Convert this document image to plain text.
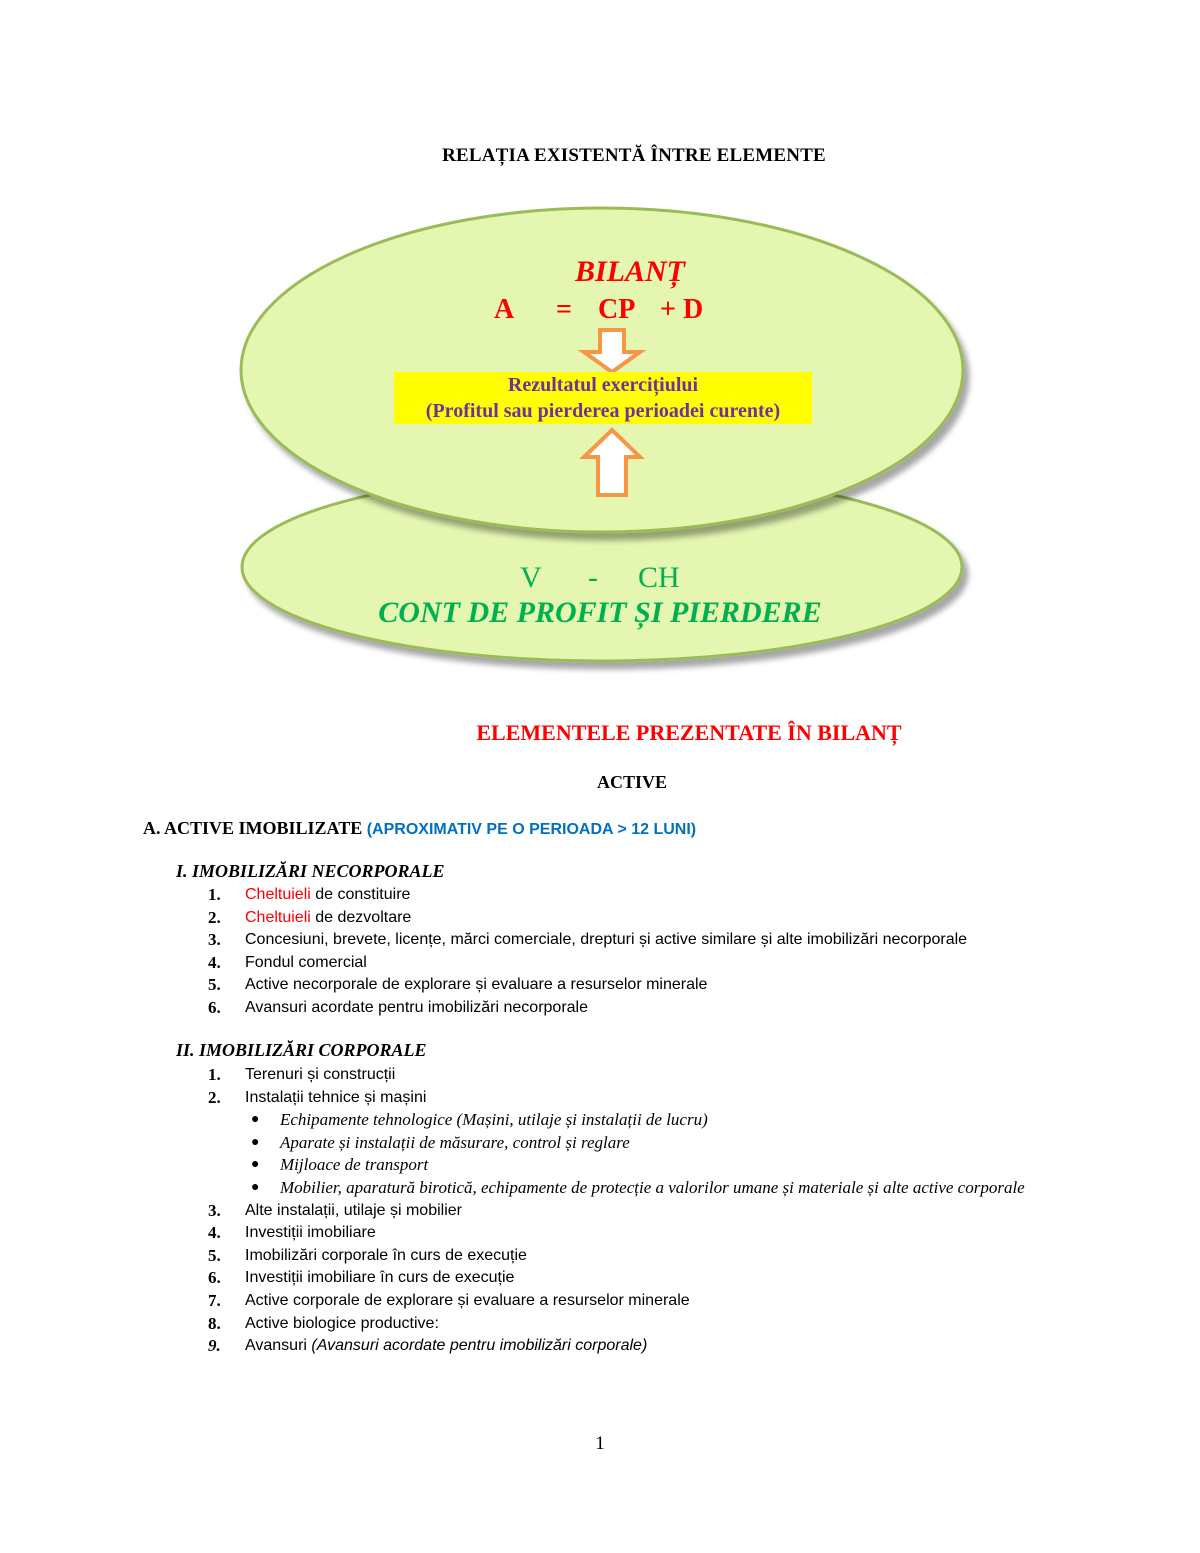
RELAȚIA EXISTENTĂ ÎNTRE ELEMENTE
BILANȚ
A = CP + D
Rezultatul exercițiului
(Profitul sau pierderea perioadei curente)
V - CH
CONT DE PROFIT ȘI PIERDERE
ELEMENTELE PREZENTATE ÎN BILANȚ
ACTIVE
A. ACTIVE IMOBILIZATE (APROXIMATIV PE O PERIOADA > 12 LUNI)
I. IMOBILIZĂRI NECORPORALE
1. Cheltuieli de constituire
2. Cheltuieli de dezvoltare
3. Concesiuni, brevete, licențe, mărci comerciale, drepturi și active similare și alte imobilizări necorporale
4. Fondul comercial
5. Active necorporale de explorare și evaluare a resurselor minerale
6. Avansuri acordate pentru imobilizări necorporale
II. IMOBILIZĂRI CORPORALE
1. Terenuri și construcții
2. Instalații tehnice și mașini
● Echipamente tehnologice (Mașini, utilaje și instalații de lucru)
● Aparate și instalații de măsurare, control și reglare
● Mijloace de transport
● Mobilier, aparatură birotică, echipamente de protecție a valorilor umane și materiale și alte active corporale
3. Alte instalații, utilaje și mobilier
4. Investiții imobiliare
5. Imobilizări corporale în curs de execuție
6. Investiții imobiliare în curs de execuție
7. Active corporale de explorare și evaluare a resurselor minerale
8. Active biologice productive:
9. Avansuri (Avansuri acordate pentru imobilizări corporale)
1
